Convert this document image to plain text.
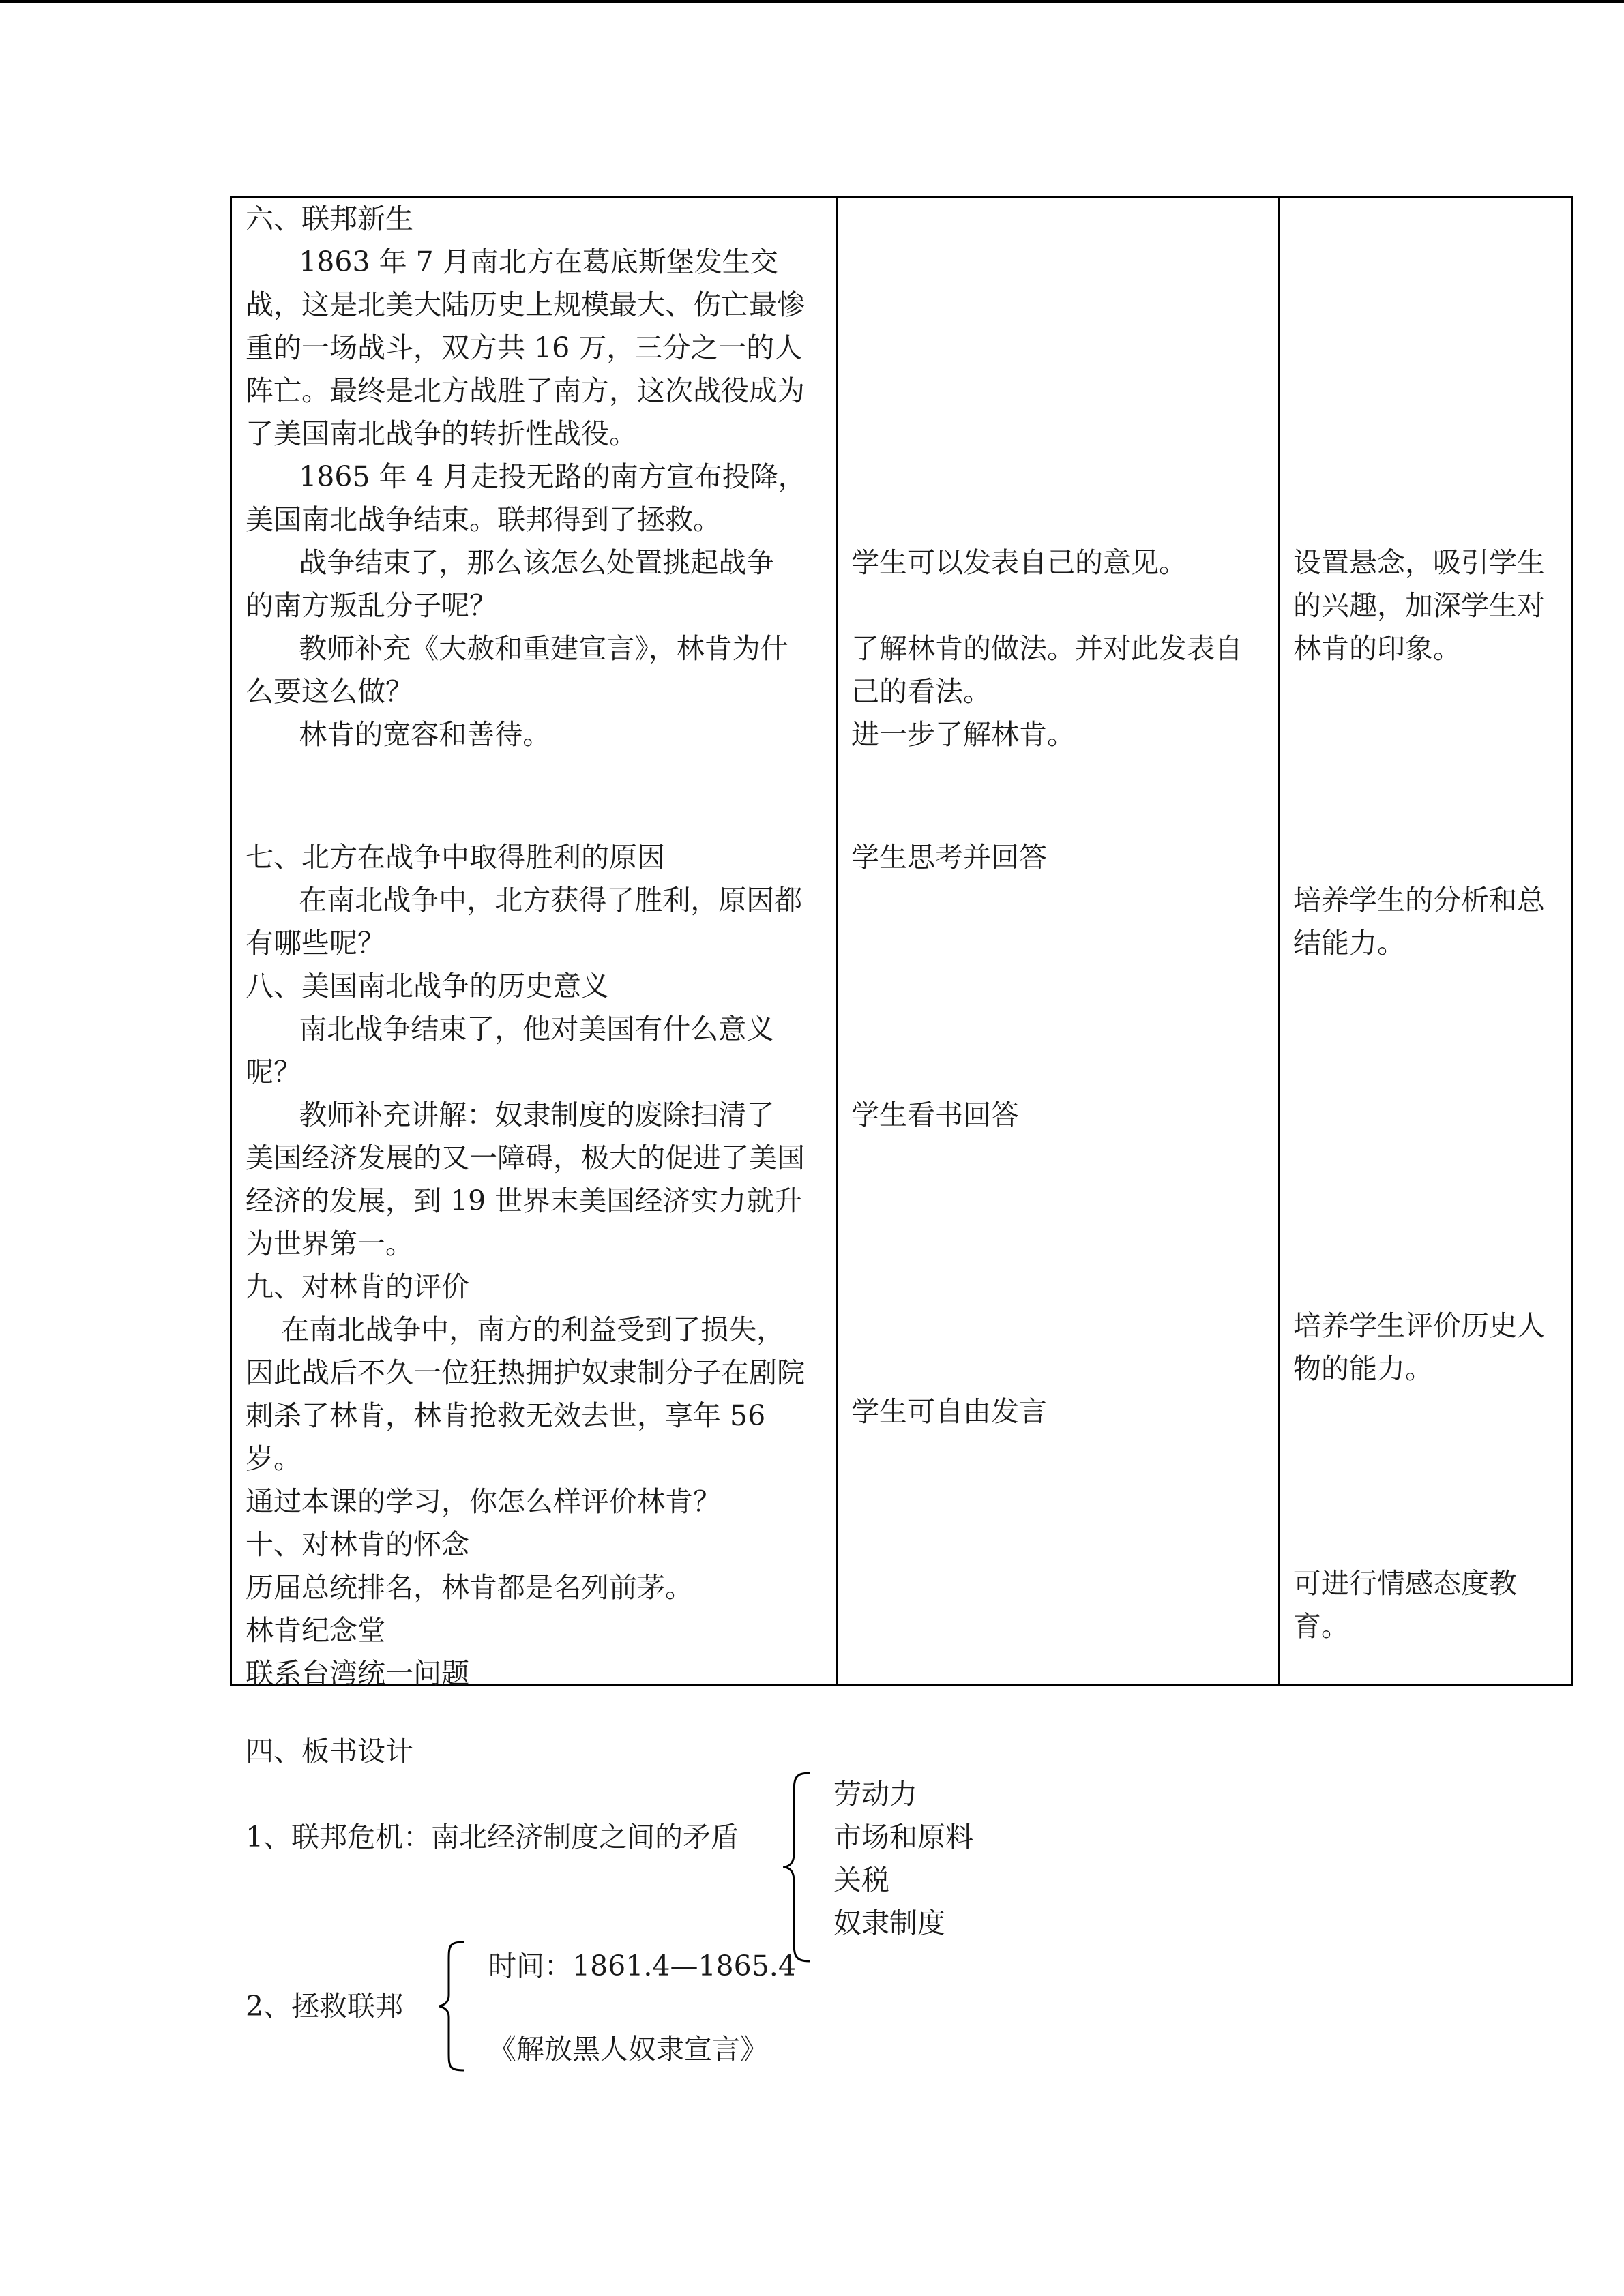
六、联邦新生

1863 年 7 月南北方在葛底斯堡发生交

战，这是北美大陆历史上规模最大、伤亡最惨

重的一场战斗，双方共 16 万，三分之一的人

阵亡。最终是北方战胜了南方，这次战役成为

了美国南北战争的转折性战役。

1865 年 4 月走投无路的南方宣布投降，

美国南北战争结束。联邦得到了拯救。

战争结束了，那么该怎么处置挑起战争

的南方叛乱分子呢？

教师补充《大赦和重建宣言》，林肯为什

么要这么做？

林肯的宽容和善待。

七、北方在战争中取得胜利的原因

在南北战争中，北方获得了胜利，原因都

有哪些呢？

八、美国南北战争的历史意义

南北战争结束了，他对美国有什么意义

呢？

教师补充讲解：奴隶制度的废除扫清了

美国经济发展的又一障碍，极大的促进了美国

经济的发展，到 19 世界末美国经济实力就升

为世界第一。

九、对林肯的评价

在南北战争中，南方的利益受到了损失，

因此战后不久一位狂热拥护奴隶制分子在剧院

刺杀了林肯，林肯抢救无效去世，享年 56

岁。

通过本课的学习，你怎么样评价林肯？

十、对林肯的怀念

历届总统排名，林肯都是名列前茅。

林肯纪念堂

联系台湾统一问题

学生可以发表自己的意见。

了解林肯的做法。并对此发表自

己的看法。

进一步了解林肯。

学生思考并回答

学生看书回答

学生可自由发言

设置悬念，吸引学生

的兴趣，加深学生对

林肯的印象。

培养学生的分析和总

结能力。

培养学生评价历史人

物的能力。

可进行情感态度教

育。

四、板书设计
1、联邦危机：南北经济制度之间的矛盾
劳动力
市场和原料
关税
奴隶制度
2、拯救联邦
时间：1861.4—1865.4
《解放黑人奴隶宣言》
